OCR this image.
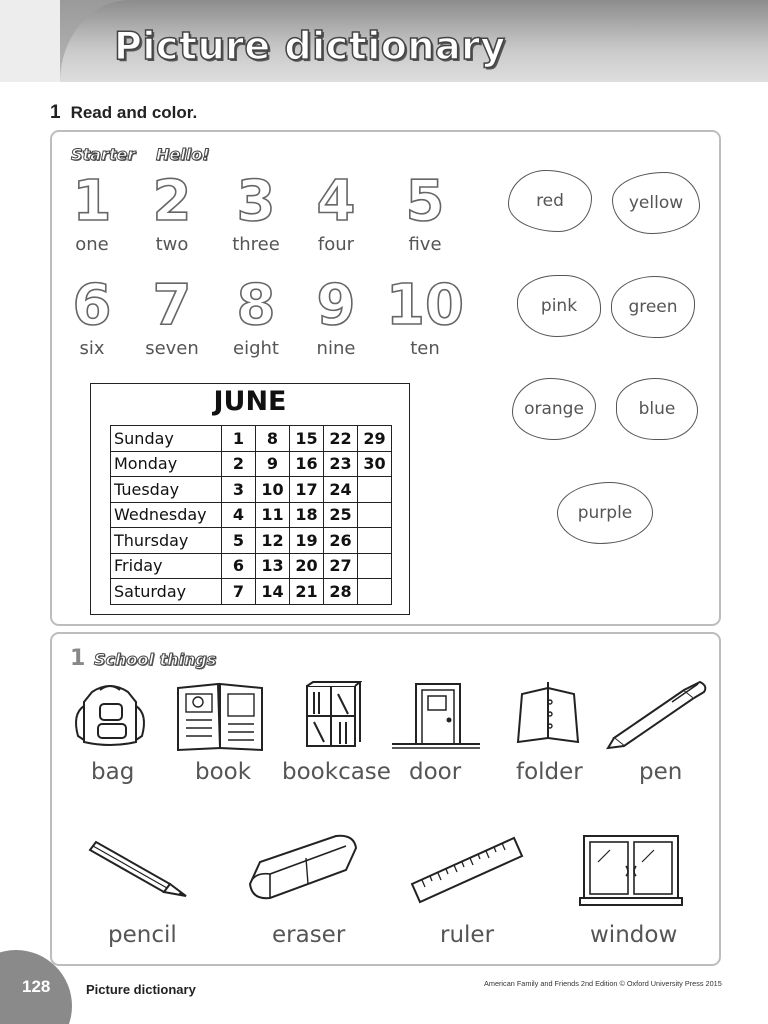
Picture dictionary
1 Read and color.
Starter Hello!
1
one
2
two
3
three
4
four
5
five
6
six
7
seven
8
eight
9
nine
10
ten
red	yellow
pink	green
orange	blue
purple
JUNE
Sunday	1	8	15	22	29
Monday	2	9	16	23	30
Tuesday	3	10	17	24	
Wednesday	4	11	18	25	
Thursday	5	12	19	26	
Friday	6	13	20	27	
Saturday	7	14	21	28	
1 School things
bag	book bookcase door folder pen
pencil	eraser	ruler	window
128	Picture dictionary	American Family and Friends 2nd Edition © Oxford University Press 2015
